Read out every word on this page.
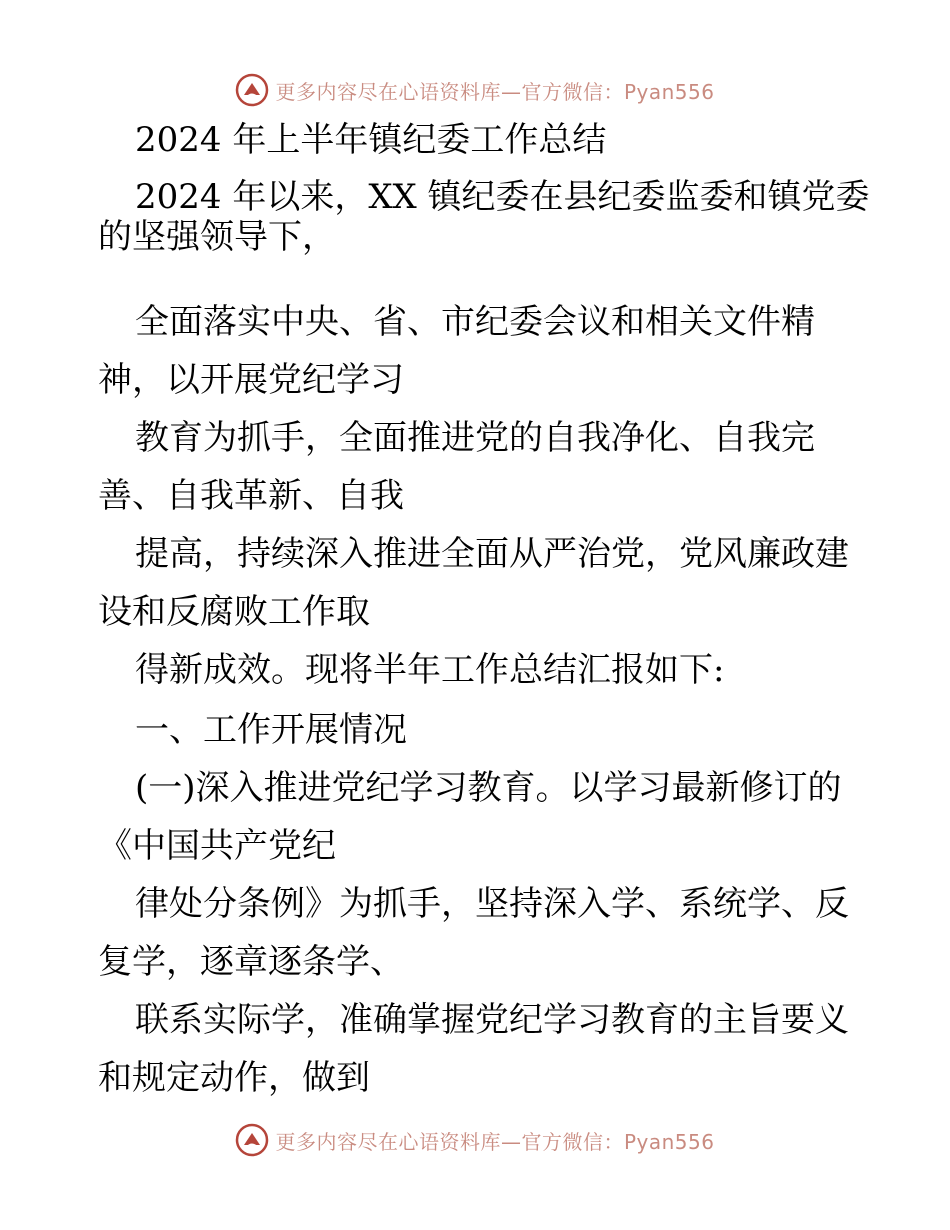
更多内容尽在心语资料库—官方微信：Pyan556
2024 年上半年镇纪委工作总结
2024 年以来，XX 镇纪委在县纪委监委和镇党委
的坚强领导下，
全面落实中央、省、市纪委会议和相关文件精
神，以开展党纪学习
教育为抓手，全面推进党的自我净化、自我完
善、自我革新、自我
提高，持续深入推进全面从严治党，党风廉政建
设和反腐败工作取
得新成效。现将半年工作总结汇报如下:
一、工作开展情况
(一)深入推进党纪学习教育。以学习最新修订的
《中国共产党纪
律处分条例》为抓手，坚持深入学、系统学、反
复学，逐章逐条学、
联系实际学，准确掌握党纪学习教育的主旨要义
和规定动作，做到
更多内容尽在心语资料库—官方微信：Pyan556
